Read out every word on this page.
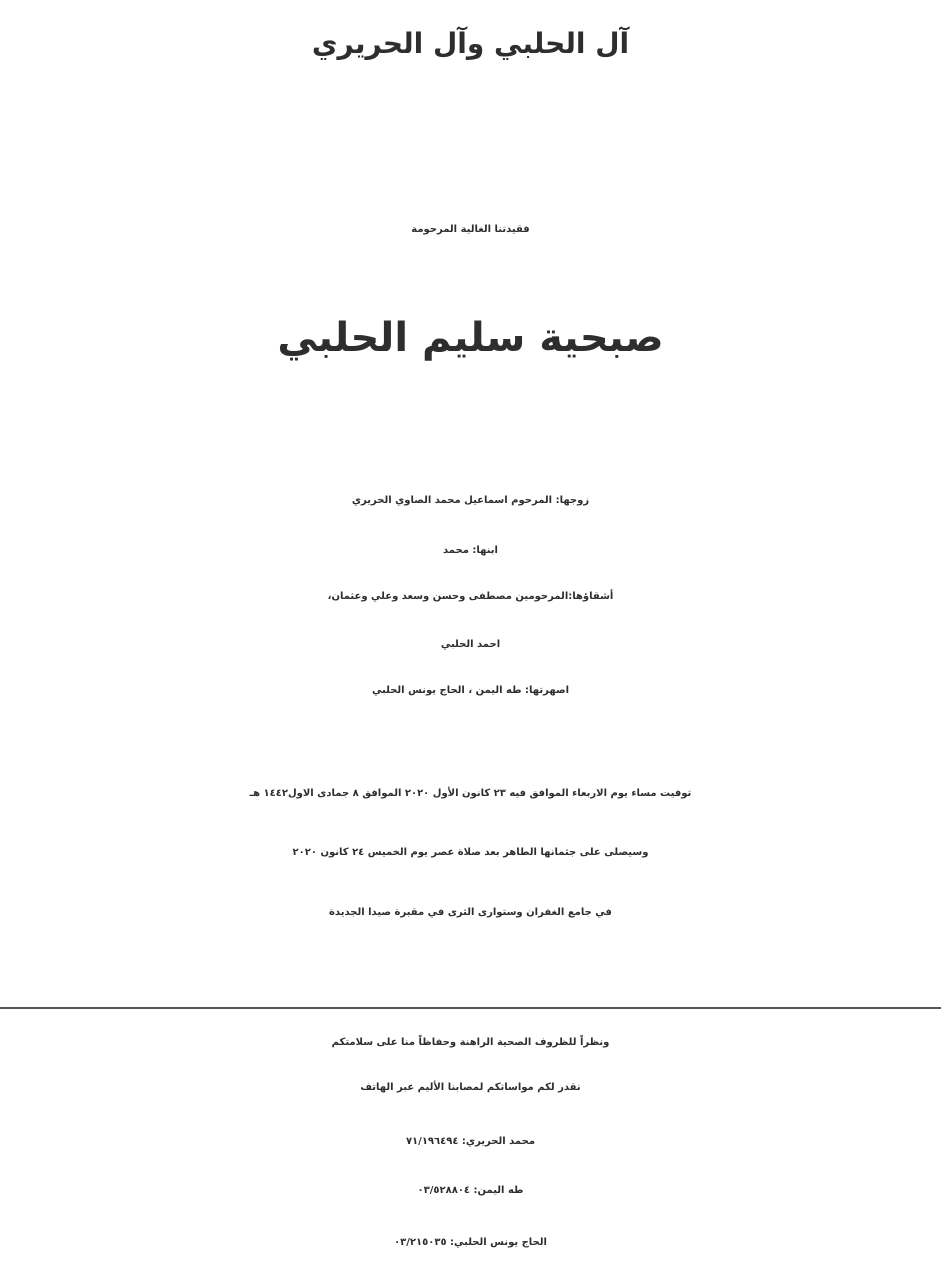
آل الحلبي وآل الحريري
فقيدتنا الغالية المرحومة
صبحية سليم الحلبي
زوجها: المرحوم اسماعيل محمد الصاوي الحريري
ابنها: محمد
أشقاؤها:المرحومين مصطفى وحسن وسعد وعلي وعثمان،
احمد الحلبي
اصهرتها: طه اليمن ، الحاج يونس الحلبي
توفيت مساء يوم الاربعاء الموافق فيه ٢٣ كانون الأول ٢٠٢٠ الموافق ٨ جمادى الاول١٤٤٢ هـ
وسيصلى على جثمانها الطاهر بعد صلاة عصر يوم الخميس ٢٤ كانون ٢٠٢٠
في جامع الغفران وستوارى الثرى في مقبرة صيدا الجديدة
ونظراً للظروف الصحية الراهنة وحفاظاً منا على سلامتكم
نقدر لكم مواساتكم لمصابنا الأليم عبر الهاتف
محمد الحريري: ٧١/١٩٦٤٩٤
طه اليمن: ٠٣/٥٢٨٨٠٤
الحاج يونس الحلبي: ٠٣/٢١٥٠٣٥
